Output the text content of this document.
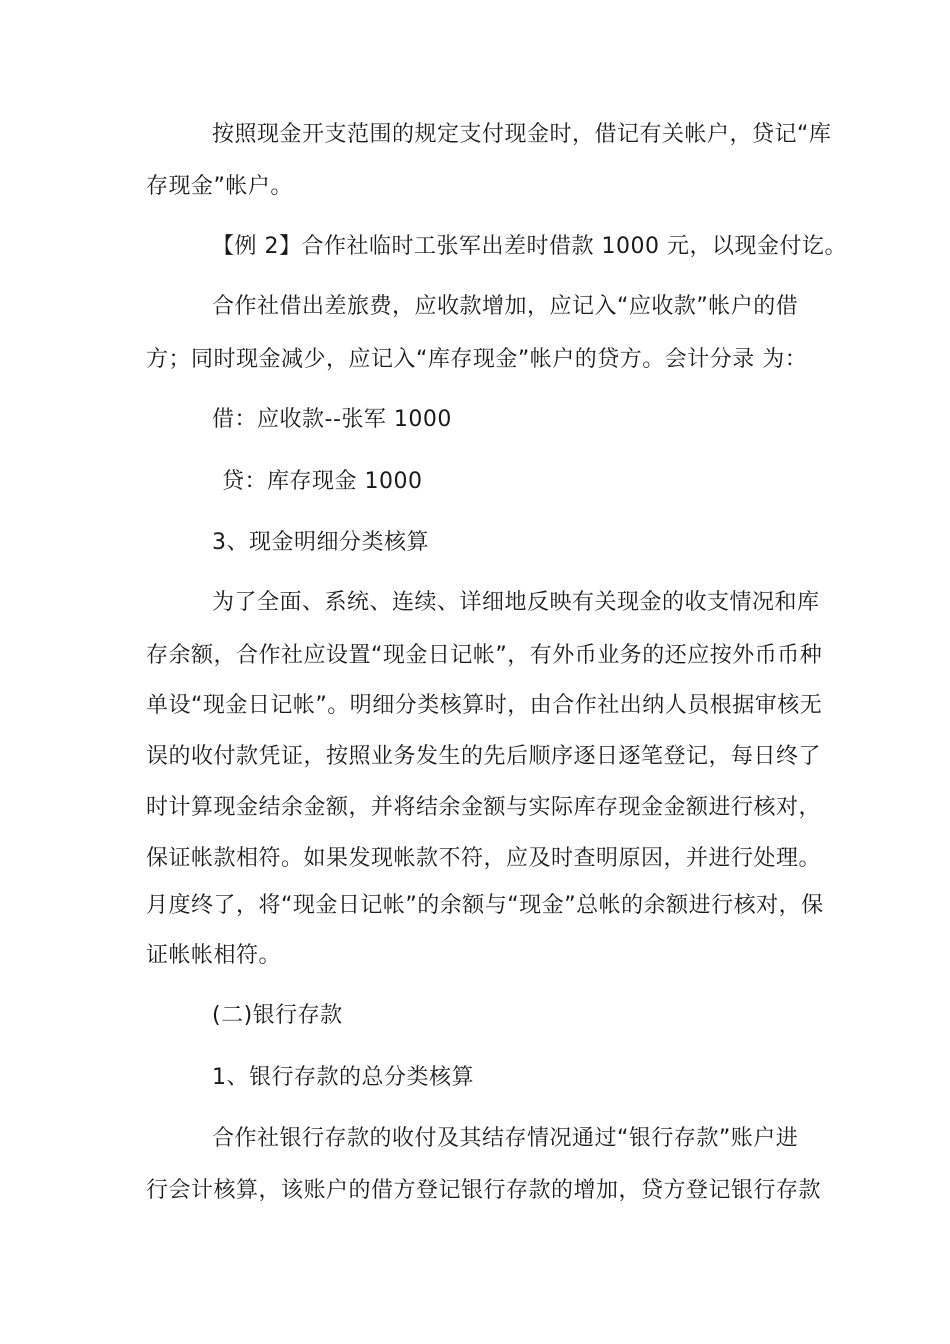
按照现金开支范围的规定支付现金时，借记有关帐户，贷记“库
存现金”帐户。
【例 2】合作社临时工张军出差时借款 1000 元，以现金付讫。
合作社借出差旅费，应收款增加，应记入“应收款”帐户的借
方；同时现金减少，应记入“库存现金”帐户的贷方。会计分录 为：
借：应收款--张军 1000
贷：库存现金 1000
3、现金明细分类核算
为了全面、系统、连续、详细地反映有关现金的收支情况和库
存余额，合作社应设置“现金日记帐”，有外币业务的还应按外币币种
单设“现金日记帐”。明细分类核算时，由合作社出纳人员根据审核无
误的收付款凭证，按照业务发生的先后顺序逐日逐笔登记，每日终了
时计算现金结余金额，并将结余金额与实际库存现金金额进行核对，
保证帐款相符。如果发现帐款不符，应及时查明原因，并进行处理。
月度终了，将“现金日记帐”的余额与“现金”总帐的余额进行核对，保
证帐帐相符。
(二)银行存款
1、银行存款的总分类核算
合作社银行存款的收付及其结存情况通过“银行存款”账户进
行会计核算，该账户的借方登记银行存款的增加，贷方登记银行存款
